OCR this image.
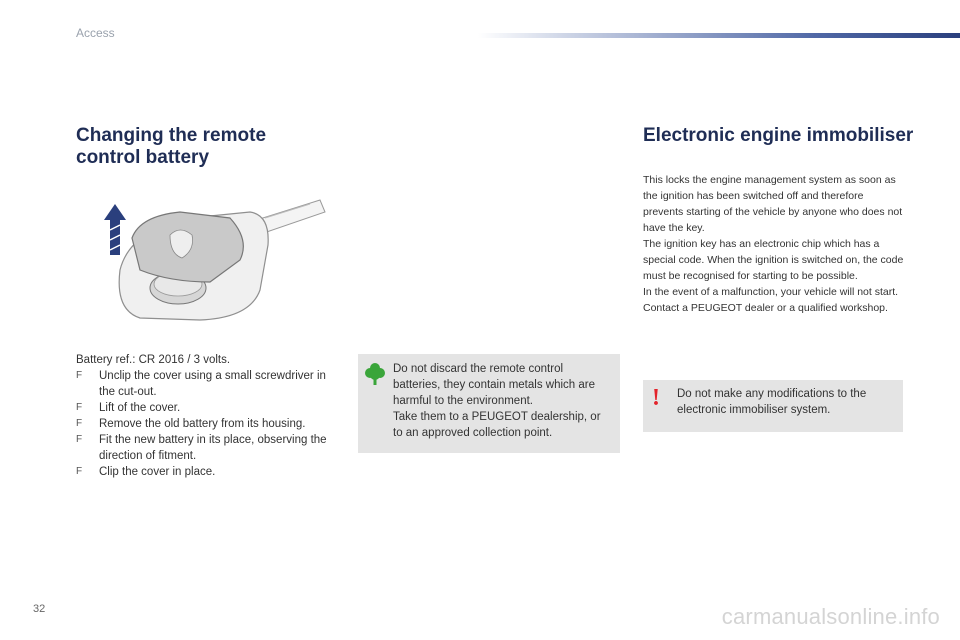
Access
Changing the remote control battery
Battery ref.: CR 2016 / 3 volts.
F Unclip the cover using a small screwdriver in the cut-out.
F Lift of the cover.
F Remove the old battery from its housing.
F Fit the new battery in its place, observing the direction of fitment.
F Clip the cover in place.
Do not discard the remote control batteries, they contain metals which are harmful to the environment.
Take them to a PEUGEOT dealership, or to an approved collection point.
Electronic engine immobiliser

This locks the engine management system as soon as the ignition has been switched off and therefore prevents starting of the vehicle by anyone who does not have the key.

The ignition key has an electronic chip which has a special code. When the ignition is switched on, the code must be recognised for starting to be possible.

In the event of a malfunction, your vehicle will not start.

Contact a PEUGEOT dealer or a qualified workshop.

! Do not make any modifications to the electronic immobiliser system.
32	carmanualsonline.info
